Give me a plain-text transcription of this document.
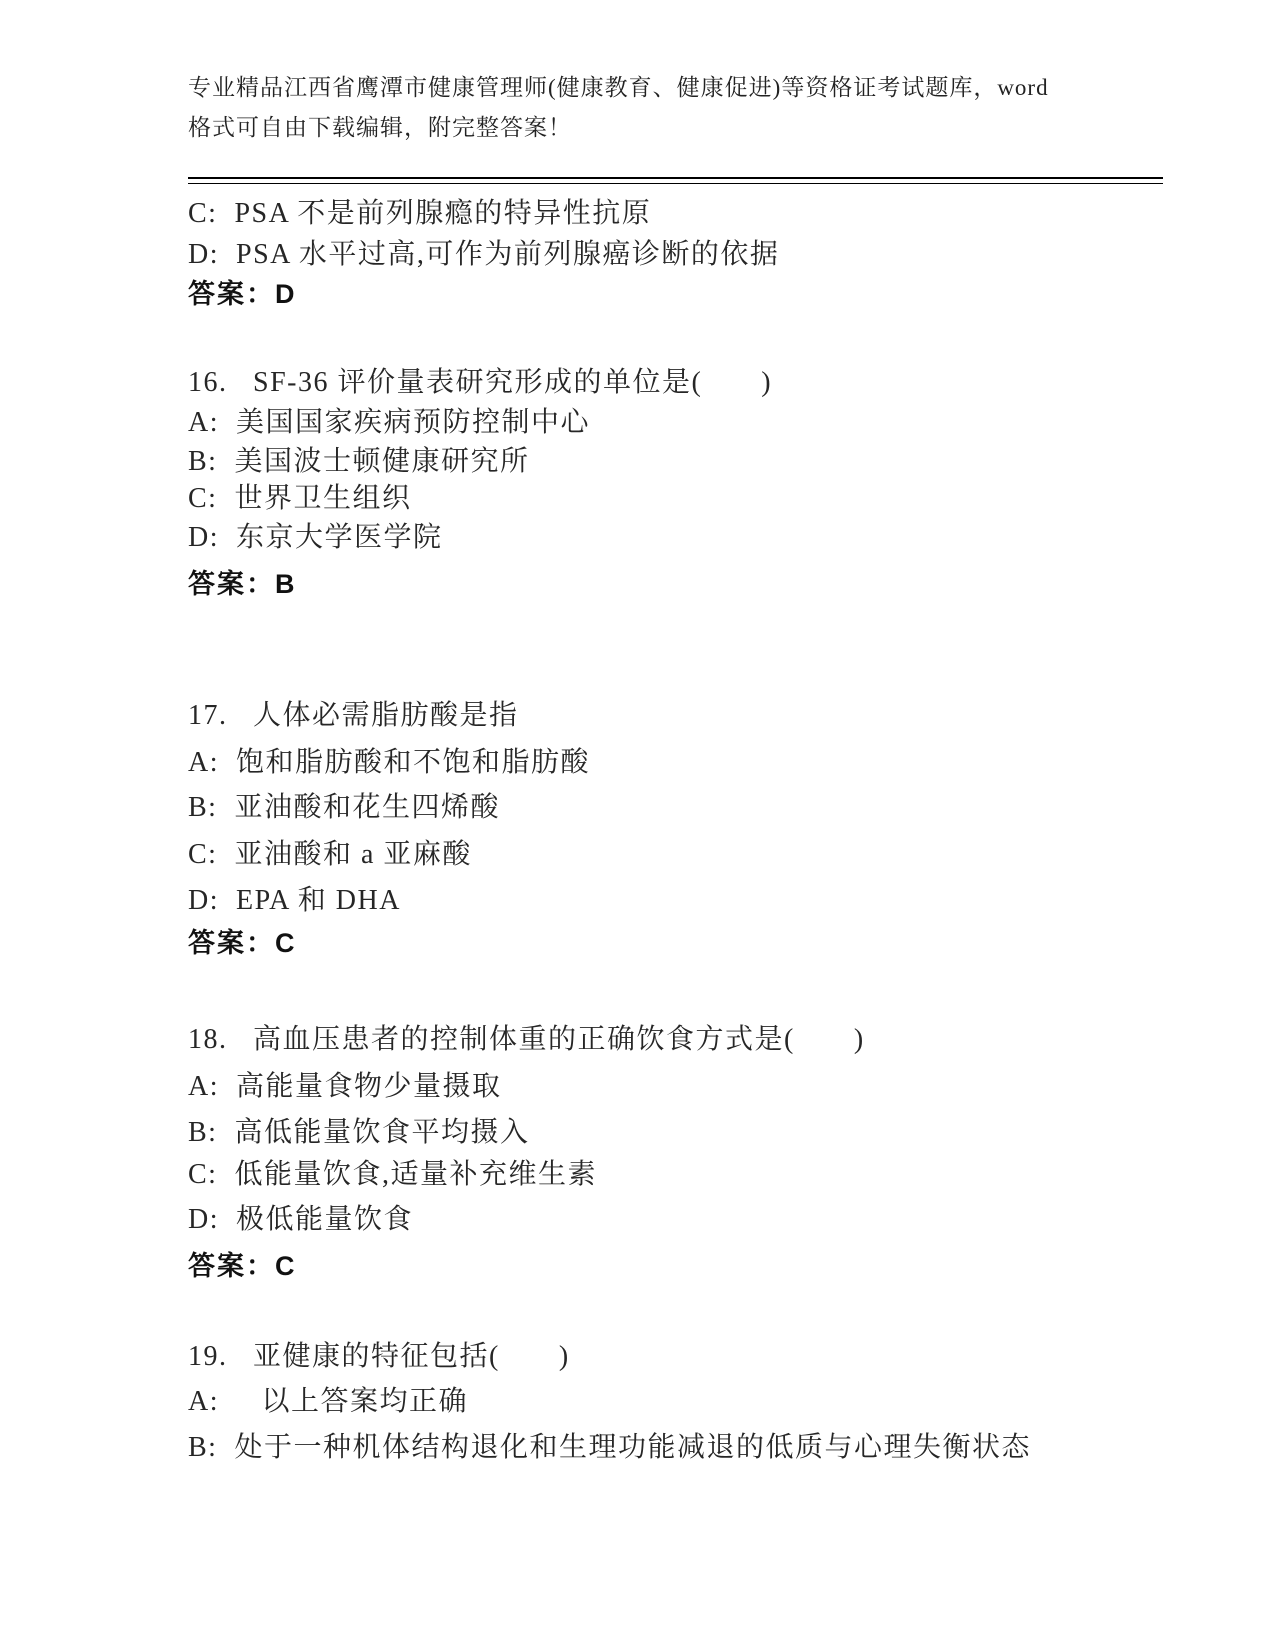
专业精品江西省鹰潭市健康管理师(健康教育、健康促进)等资格证考试题库，word
格式可自由下载编辑，附完整答案！
C:  PSA 不是前列腺瘾的特异性抗原
D:  PSA 水平过高,可作为前列腺癌诊断的依据
答案：D
16.   SF-36 评价量表研究形成的单位是(　　)
A:  美国国家疾病预防控制中心
B:  美国波士顿健康研究所
C:  世界卫生组织
D:  东京大学医学院
答案：B
17.   人体必需脂肪酸是指
A:  饱和脂肪酸和不饱和脂肪酸
B:  亚油酸和花生四烯酸
C:  亚油酸和 a 亚麻酸
D:  EPA 和 DHA
答案：C
18.   高血压患者的控制体重的正确饮食方式是(　　)
A:  高能量食物少量摄取
B:  高低能量饮食平均摄入
C:  低能量饮食,适量补充维生素
D:  极低能量饮食
答案：C
19.   亚健康的特征包括(　　)
A:     以上答案均正确
B:  处于一种机体结构退化和生理功能减退的低质与心理失衡状态
